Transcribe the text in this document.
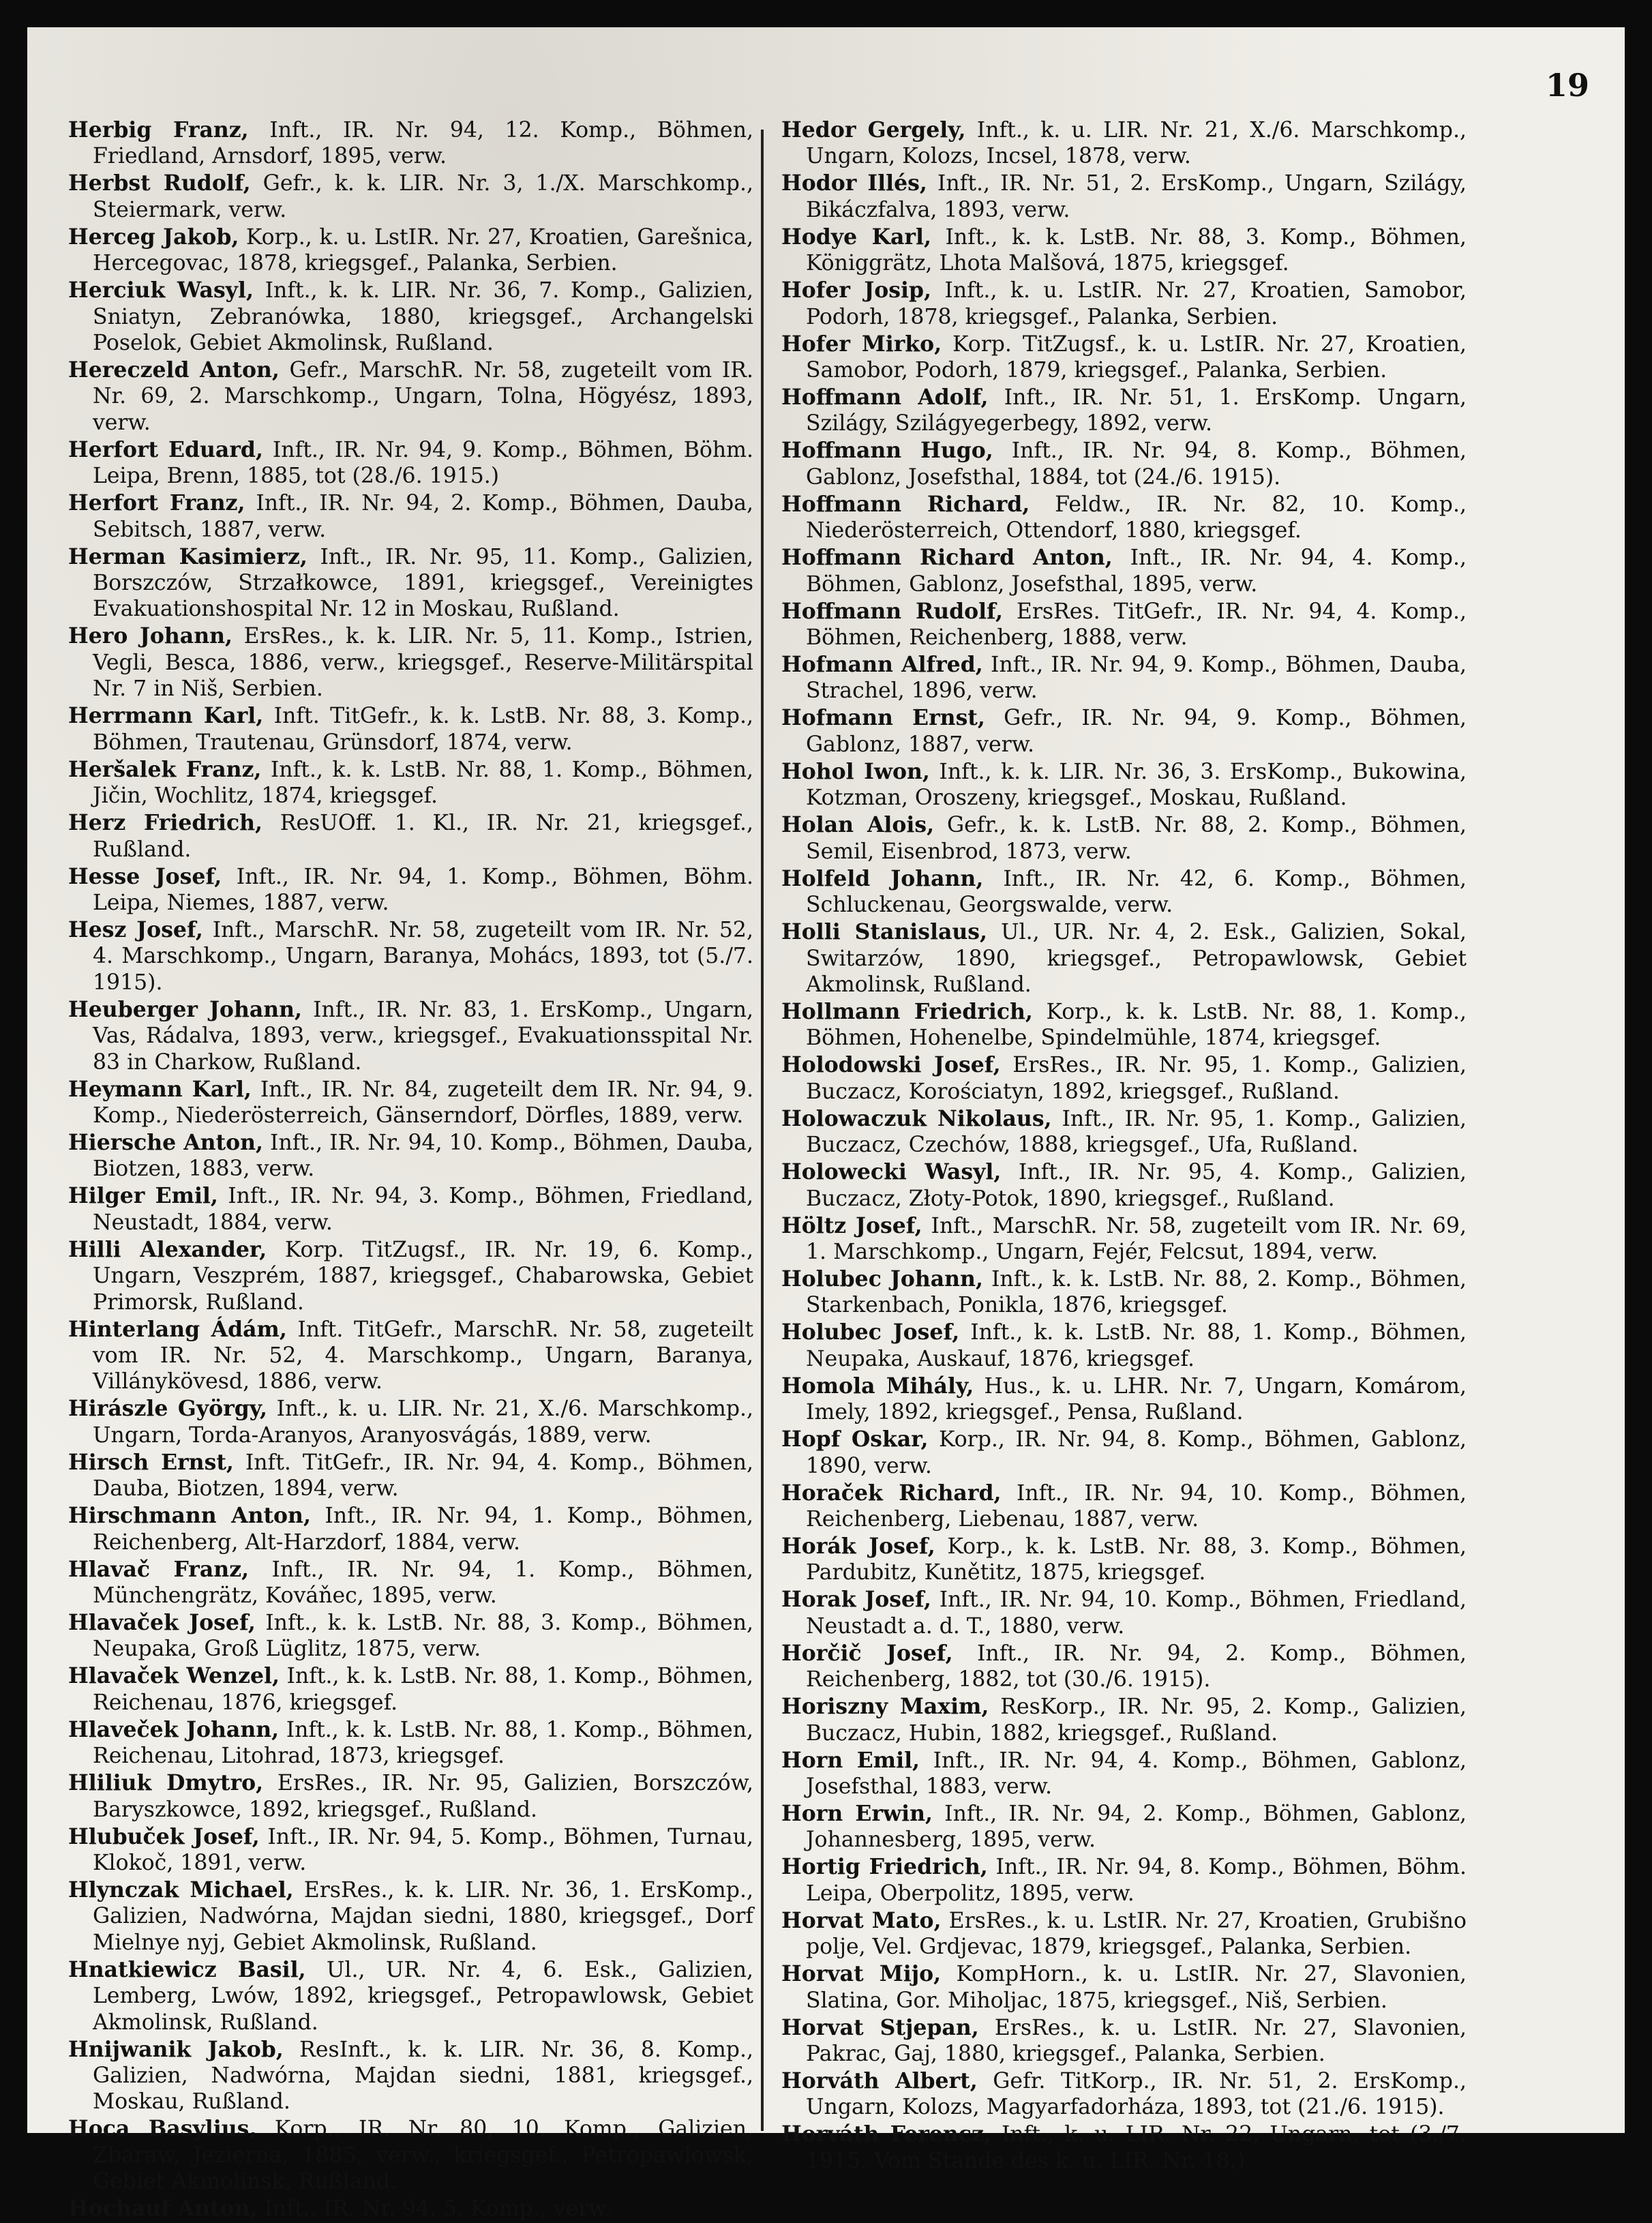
19

Herbig Franz, Inft., IR. Nr. 94, 12. Komp., Böhmen, Friedland, Arnsdorf, 1895, verw.

Herbst Rudolf, Gefr., k. k. LIR. Nr. 3, 1./X. Marschkomp., Steiermark, verw.

Herceg Jakob, Korp., k. u. LstIR. Nr. 27, Kroatien, Garešnica, Hercegovac, 1878, kriegsgef., Palanka, Serbien.

Herciuk Wasyl, Inft., k. k. LIR. Nr. 36, 7. Komp., Galizien, Sniatyn, Zebranówka, 1880, kriegsgef., Archangelski Poselok, Gebiet Akmolinsk, Rußland.

Hereczeld Anton, Gefr., MarschR. Nr. 58, zugeteilt vom IR. Nr. 69, 2. Marschkomp., Ungarn, Tolna, Högyész, 1893, verw.

Herfort Eduard, Inft., IR. Nr. 94, 9. Komp., Böhmen, Böhm. Leipa, Brenn, 1885, tot (28./6. 1915.)

Herfort Franz, Inft., IR. Nr. 94, 2. Komp., Böhmen, Dauba, Sebitsch, 1887, verw.

Herman Kasimierz, Inft., IR. Nr. 95, 11. Komp., Galizien, Borszczów, Strzałkowce, 1891, kriegsgef., Vereinigtes Evakuationshospital Nr. 12 in Moskau, Rußland.

Hero Johann, ErsRes., k. k. LIR. Nr. 5, 11. Komp., Istrien, Vegli, Besca, 1886, verw., kriegsgef., Reserve-Militärspital Nr. 7 in Niš, Serbien.

Herrmann Karl, Inft. TitGefr., k. k. LstB. Nr. 88, 3. Komp., Böhmen, Trautenau, Grünsdorf, 1874, verw.

Heršalek Franz, Inft., k. k. LstB. Nr. 88, 1. Komp., Böhmen, Jičin, Wochlitz, 1874, kriegsgef.

Herz Friedrich, ResUOff. 1. Kl., IR. Nr. 21, kriegsgef., Rußland.

Hesse Josef, Inft., IR. Nr. 94, 1. Komp., Böhmen, Böhm. Leipa, Niemes, 1887, verw.

Hesz Josef, Inft., MarschR. Nr. 58, zugeteilt vom IR. Nr. 52, 4. Marschkomp., Ungarn, Baranya, Mohács, 1893, tot (5./7. 1915).

Heuberger Johann, Inft., IR. Nr. 83, 1. ErsKomp., Ungarn, Vas, Rádalva, 1893, verw., kriegsgef., Evakuationsspital Nr. 83 in Charkow, Rußland.

Heymann Karl, Inft., IR. Nr. 84, zugeteilt dem IR. Nr. 94, 9. Komp., Niederösterreich, Gänserndorf, Dörfles, 1889, verw.

Hiersche Anton, Inft., IR. Nr. 94, 10. Komp., Böhmen, Dauba, Biotzen, 1883, verw.

Hilger Emil, Inft., IR. Nr. 94, 3. Komp., Böhmen, Friedland, Neustadt, 1884, verw.

Hilli Alexander, Korp. TitZugsf., IR. Nr. 19, 6. Komp., Ungarn, Veszprém, 1887, kriegsgef., Chabarowska, Gebiet Primorsk, Rußland.

Hinterlang Ádám, Inft. TitGefr., MarschR. Nr. 58, zugeteilt vom IR. Nr. 52, 4. Marschkomp., Ungarn, Baranya, Villánykövesd, 1886, verw.

Hirászle György, Inft., k. u. LIR. Nr. 21, X./6. Marschkomp., Ungarn, Torda-Aranyos, Aranyosvágás, 1889, verw.

Hirsch Ernst, Inft. TitGefr., IR. Nr. 94, 4. Komp., Böhmen, Dauba, Biotzen, 1894, verw.

Hirschmann Anton, Inft., IR. Nr. 94, 1. Komp., Böhmen, Reichenberg, Alt-Harzdorf, 1884, verw.

Hlavač Franz, Inft., IR. Nr. 94, 1. Komp., Böhmen, Münchengrätz, Kováňec, 1895, verw.

Hlavaček Josef, Inft., k. k. LstB. Nr. 88, 3. Komp., Böhmen, Neupaka, Groß Lüglitz, 1875, verw.

Hlavaček Wenzel, Inft., k. k. LstB. Nr. 88, 1. Komp., Böhmen, Reichenau, 1876, kriegsgef.

Hlaveček Johann, Inft., k. k. LstB. Nr. 88, 1. Komp., Böhmen, Reichenau, Litohrad, 1873, kriegsgef.

Hliliuk Dmytro, ErsRes., IR. Nr. 95, Galizien, Borszczów, Baryszkowce, 1892, kriegsgef., Rußland.

Hlubuček Josef, Inft., IR. Nr. 94, 5. Komp., Böhmen, Turnau, Klokoč, 1891, verw.

Hlynczak Michael, ErsRes., k. k. LIR. Nr. 36, 1. ErsKomp., Galizien, Nadwórna, Majdan siedni, 1880, kriegsgef., Dorf Mielnye nyj, Gebiet Akmolinsk, Rußland.

Hnatkiewicz Basil, Ul., UR. Nr. 4, 6. Esk., Galizien, Lemberg, Lwów, 1892, kriegsgef., Petropawlowsk, Gebiet Akmolinsk, Rußland.

Hnijwanik Jakob, ResInft., k. k. LIR. Nr. 36, 8. Komp., Galizien, Nadwórna, Majdan siedni, 1881, kriegsgef., Moskau, Rußland.

Hoca Basylius, Korp., IR. Nr. 80, 10. Komp., Galizien, Zbaraw, Jezierna, 1885, verw., kriegsgef., Petropawlowsk, Gebiet Akmolinsk, Rußland.

Hochauf Anton, Inft., IR. Nr. 94, 5. Komp., verw.

Hedor Gergely, Inft., k. u. LIR. Nr. 21, X./6. Marschkomp., Ungarn, Kolozs, Incsel, 1878, verw.

Hodor Illés, Inft., IR. Nr. 51, 2. ErsKomp., Ungarn, Szilágy, Bikáczfalva, 1893, verw.

Hodye Karl, Inft., k. k. LstB. Nr. 88, 3. Komp., Böhmen, Königgrätz, Lhota Malšová, 1875, kriegsgef.

Hofer Josip, Inft., k. u. LstIR. Nr. 27, Kroatien, Samobor, Podorh, 1878, kriegsgef., Palanka, Serbien.

Hofer Mirko, Korp. TitZugsf., k. u. LstIR. Nr. 27, Kroatien, Samobor, Podorh, 1879, kriegsgef., Palanka, Serbien.

Hoffmann Adolf, Inft., IR. Nr. 51, 1. ErsKomp. Ungarn, Szilágy, Szilágyegerbegy, 1892, verw.

Hoffmann Hugo, Inft., IR. Nr. 94, 8. Komp., Böhmen, Gablonz, Josefsthal, 1884, tot (24./6. 1915).

Hoffmann Richard, Feldw., IR. Nr. 82, 10. Komp., Niederösterreich, Ottendorf, 1880, kriegsgef.

Hoffmann Richard Anton, Inft., IR. Nr. 94, 4. Komp., Böhmen, Gablonz, Josefsthal, 1895, verw.

Hoffmann Rudolf, ErsRes. TitGefr., IR. Nr. 94, 4. Komp., Böhmen, Reichenberg, 1888, verw.

Hofmann Alfred, Inft., IR. Nr. 94, 9. Komp., Böhmen, Dauba, Strachel, 1896, verw.

Hofmann Ernst, Gefr., IR. Nr. 94, 9. Komp., Böhmen, Gablonz, 1887, verw.

Hohol Iwon, Inft., k. k. LIR. Nr. 36, 3. ErsKomp., Bukowina, Kotzman, Oroszeny, kriegsgef., Moskau, Rußland.

Holan Alois, Gefr., k. k. LstB. Nr. 88, 2. Komp., Böhmen, Semil, Eisenbrod, 1873, verw.

Holfeld Johann, Inft., IR. Nr. 42, 6. Komp., Böhmen, Schluckenau, Georgswalde, verw.

Holli Stanislaus, Ul., UR. Nr. 4, 2. Esk., Galizien, Sokal, Switarzów, 1890, kriegsgef., Petropawlowsk, Gebiet Akmolinsk, Rußland.

Hollmann Friedrich, Korp., k. k. LstB. Nr. 88, 1. Komp., Böhmen, Hohenelbe, Spindelmühle, 1874, kriegsgef.

Holodowski Josef, ErsRes., IR. Nr. 95, 1. Komp., Galizien, Buczacz, Korościatyn, 1892, kriegsgef., Rußland.

Holowaczuk Nikolaus, Inft., IR. Nr. 95, 1. Komp., Galizien, Buczacz, Czechów, 1888, kriegsgef., Ufa, Rußland.

Holowecki Wasyl, Inft., IR. Nr. 95, 4. Komp., Galizien, Buczacz, Złoty-Potok, 1890, kriegsgef., Rußland.

Höltz Josef, Inft., MarschR. Nr. 58, zugeteilt vom IR. Nr. 69, 1. Marschkomp., Ungarn, Fejér, Felcsut, 1894, verw.

Holubec Johann, Inft., k. k. LstB. Nr. 88, 2. Komp., Böhmen, Starkenbach, Ponikla, 1876, kriegsgef.

Holubec Josef, Inft., k. k. LstB. Nr. 88, 1. Komp., Böhmen, Neupaka, Auskauf, 1876, kriegsgef.

Homola Mihály, Hus., k. u. LHR. Nr. 7, Ungarn, Komárom, Imely, 1892, kriegsgef., Pensa, Rußland.

Hopf Oskar, Korp., IR. Nr. 94, 8. Komp., Böhmen, Gablonz, 1890, verw.

Horaček Richard, Inft., IR. Nr. 94, 10. Komp., Böhmen, Reichenberg, Liebenau, 1887, verw.

Horák Josef, Korp., k. k. LstB. Nr. 88, 3. Komp., Böhmen, Pardubitz, Kunětitz, 1875, kriegsgef.

Horak Josef, Inft., IR. Nr. 94, 10. Komp., Böhmen, Friedland, Neustadt a. d. T., 1880, verw.

Horčič Josef, Inft., IR. Nr. 94, 2. Komp., Böhmen, Reichenberg, 1882, tot (30./6. 1915).

Horiszny Maxim, ResKorp., IR. Nr. 95, 2. Komp., Galizien, Buczacz, Hubin, 1882, kriegsgef., Rußland.

Horn Emil, Inft., IR. Nr. 94, 4. Komp., Böhmen, Gablonz, Josefsthal, 1883, verw.

Horn Erwin, Inft., IR. Nr. 94, 2. Komp., Böhmen, Gablonz, Johannesberg, 1895, verw.

Hortig Friedrich, Inft., IR. Nr. 94, 8. Komp., Böhmen, Böhm. Leipa, Oberpolitz, 1895, verw.

Horvat Mato, ErsRes., k. u. LstIR. Nr. 27, Kroatien, Grubišno polje, Vel. Grdjevac, 1879, kriegsgef., Palanka, Serbien.

Horvat Mijo, KompHorn., k. u. LstIR. Nr. 27, Slavonien, Slatina, Gor. Miholjac, 1875, kriegsgef., Niš, Serbien.

Horvat Stjepan, ErsRes., k. u. LstIR. Nr. 27, Slavonien, Pakrac, Gaj, 1880, kriegsgef., Palanka, Serbien.

Horváth Albert, Gefr. TitKorp., IR. Nr. 51, 2. ErsKomp., Ungarn, Kolozs, Magyarfadorháza, 1893, tot (21./6. 1915).

Horváth Ferencz, Inft., k. u. LIR. Nr. 22, Ungarn, tot (3./7. 1915. Vom Stande des k. u. LIR. Nr. 18.)
